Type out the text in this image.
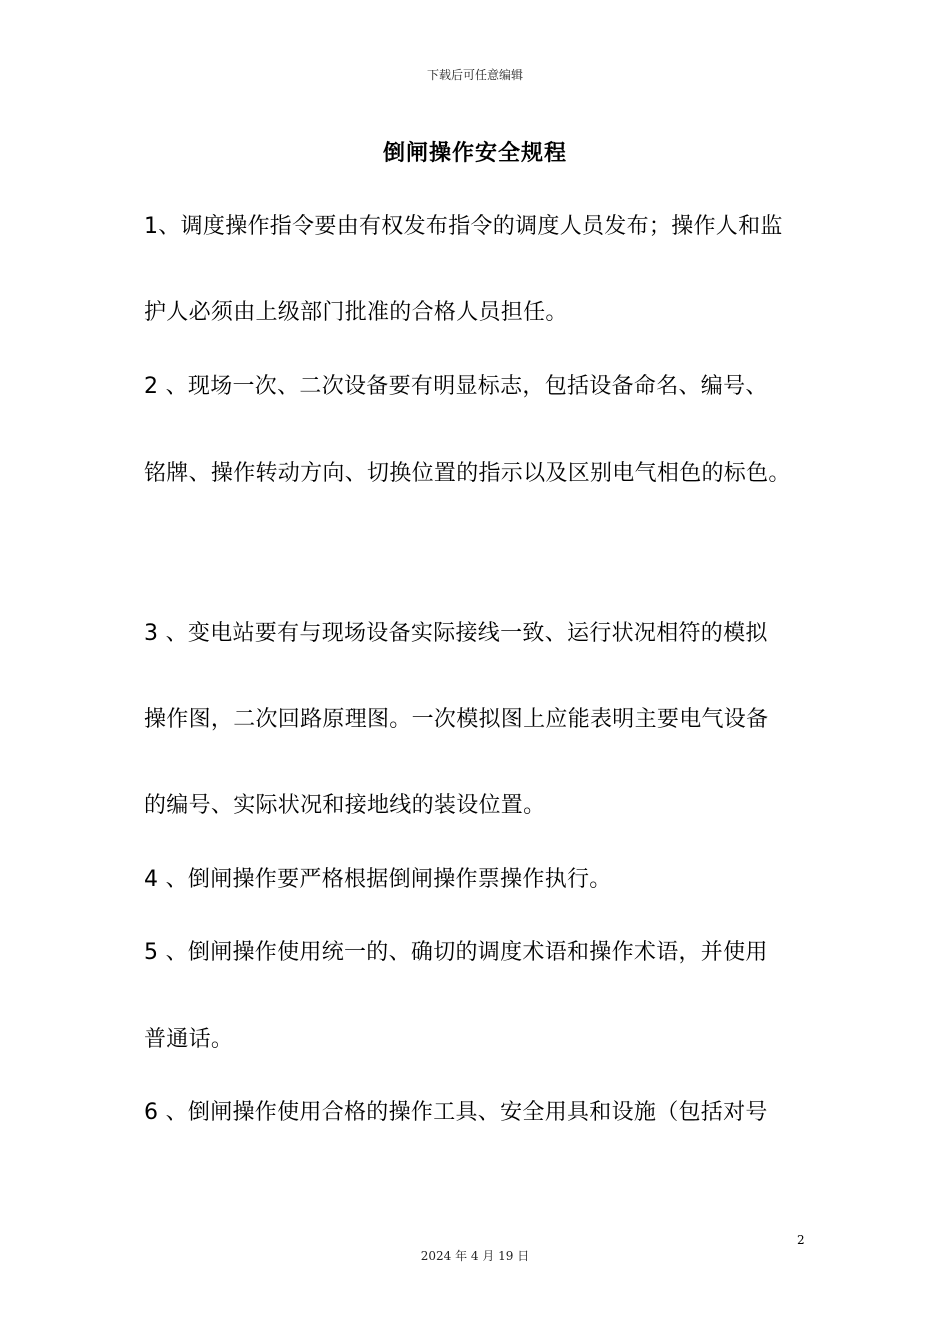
下载后可任意编辑
倒闸操作安全规程
1、调度操作指令要由有权发布指令的调度人员发布；操作人和监
护人必须由上级部门批准的合格人员担任。
2 、现场一次、二次设备要有明显标志，包括设备命名、编号、
铭牌、操作转动方向、切换位置的指示以及区别电气相色的标色。
3 、变电站要有与现场设备实际接线一致、运行状况相符的模拟
操作图，二次回路原理图。一次模拟图上应能表明主要电气设备
的编号、实际状况和接地线的装设位置。
4 、倒闸操作要严格根据倒闸操作票操作执行。
5 、倒闸操作使用统一的、确切的调度术语和操作术语，并使用
普通话。
6 、倒闸操作使用合格的操作工具、安全用具和设施（包括对号
2
2024 年 4 月 19 日
